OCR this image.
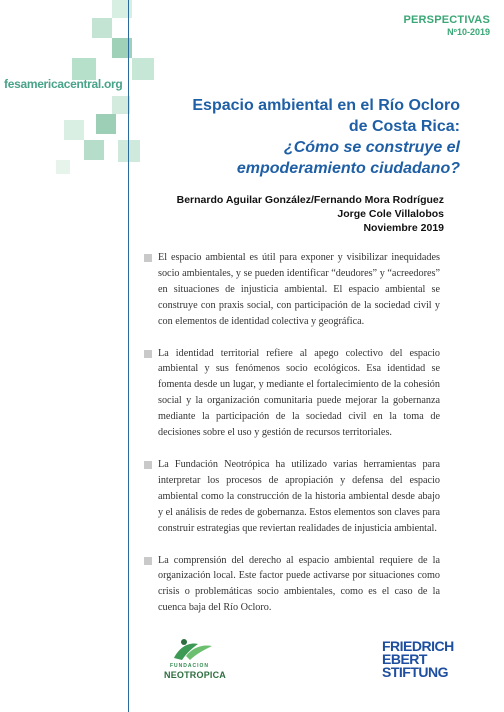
PERSPECTIVAS
Nº10-2019
fesamericacentral.org
Espacio ambiental en el Río Ocloro
de Costa Rica:
¿Cómo se construye el
empoderamiento ciudadano?
Bernardo Aguilar González/Fernando Mora Rodríguez
Jorge Cole Villalobos
Noviembre 2019
El espacio ambiental es útil para exponer y visibilizar inequidades socio ambientales, y se pueden identificar “deudores” y “acreedores” en situaciones de injusticia ambiental. El espacio ambiental se construye con praxis social, con participación de la sociedad civil y con elementos de identidad colectiva y geográfica.
La identidad territorial refiere al apego colectivo del espacio ambiental y sus fenómenos socio ecológicos. Esa identidad se fomenta desde un lugar, y mediante el fortalecimiento de la cohesión social y la organización comunitaria puede mejorar la gobernanza mediante la participación de la sociedad civil en la toma de decisiones sobre el uso y gestión de recursos territoriales.
La Fundación Neotrópica ha utilizado varias herramientas para interpretar los procesos de apropiación y defensa del espacio ambiental como la construcción de la historia ambiental desde abajo y el análisis de redes de gobernanza. Estos elementos son claves para construir estrategias que reviertan realidades de injusticia ambiental.
La comprensión del derecho al espacio ambiental requiere de la organización local. Este factor puede activarse por situaciones como crisis o problemáticas socio ambientales, como es el caso de la cuenca baja del Río Ocloro.
FUNDACION
NEOTROPICA
FRIEDRICH
EBERT
STIFTUNG
